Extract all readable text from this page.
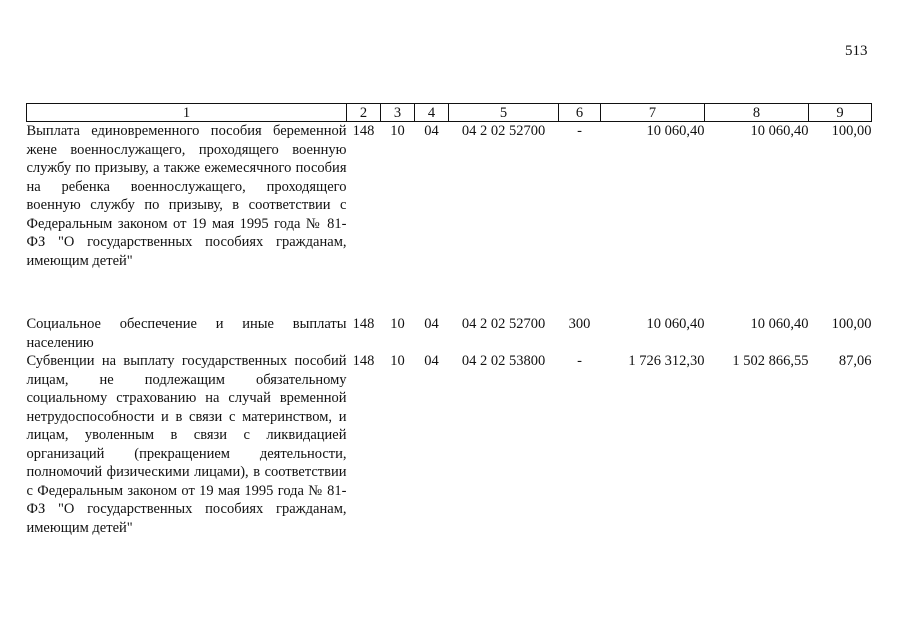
513
1	2	3	4	5	6	7	8	9
Выплата единовременного пособия беременной жене военнослужащего, проходящего военную службу по призыву, а также ежемесячного пособия на ребенка военнослужащего, проходящего военную службу по призыву, в соответствии с Федеральным законом от 19 мая 1995 года № 81-ФЗ "О государственных пособиях гражданам, имеющим детей"	148	10	04	04 2 02 52700	-	10 060,40	10 060,40	100,00
Социальное обеспечение и иные выплаты населению	148	10	04	04 2 02 52700	300	10 060,40	10 060,40	100,00
Субвенции на выплату государственных пособий лицам, не подлежащим обязательному социальному страхованию на случай временной нетрудоспособности и в связи с материнством, и лицам, уволенным в связи с ликвидацией организаций (прекращением деятельности, полномочий физическими лицами), в соответствии с Федеральным законом от 19 мая 1995 года № 81-ФЗ "О государственных пособиях гражданам, имеющим детей"	148	10	04	04 2 02 53800	-	1 726 312,30	1 502 866,55	87,06
